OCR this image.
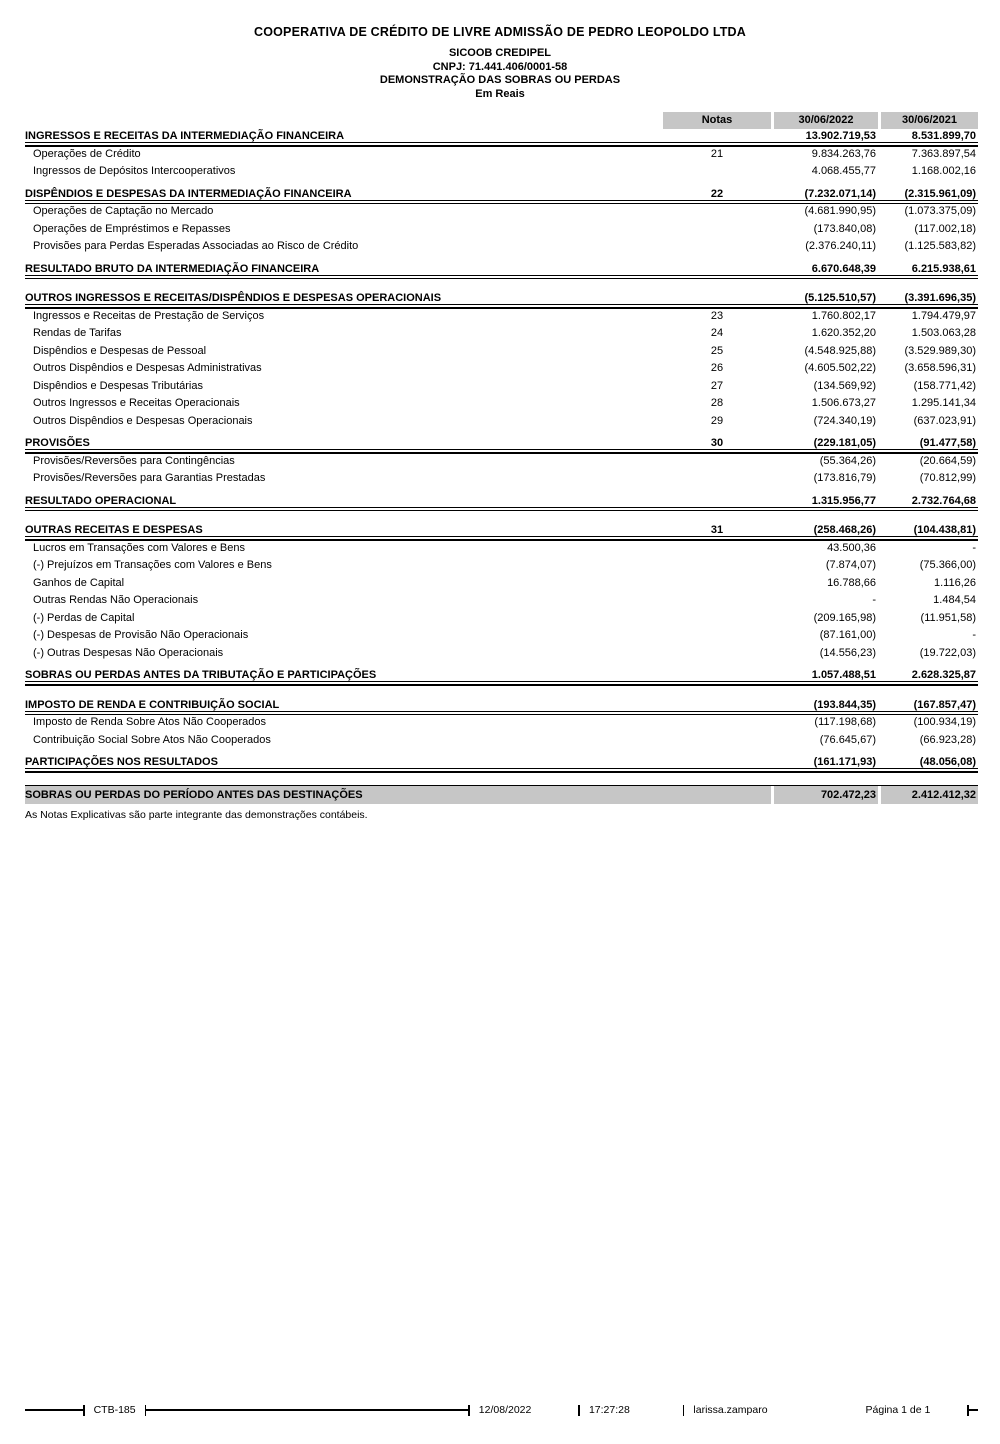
COOPERATIVA DE CRÉDITO DE LIVRE ADMISSÃO DE PEDRO LEOPOLDO LTDA
SICOOB CREDIPEL
CNPJ: 71.441.406/0001-58
DEMONSTRAÇÃO DAS SOBRAS OU PERDAS
Em Reais
Notas	30/06/2022	30/06/2021
INGRESSOS E RECEITAS DA INTERMEDIAÇÃO FINANCEIRA	13.902.719,53	8.531.899,70
Operações de Crédito	21	9.834.263,76	7.363.897,54
Ingressos de Depósitos Intercooperativos	4.068.455,77	1.168.002,16
DISPÊNDIOS E DESPESAS DA INTERMEDIAÇÃO FINANCEIRA	22	(7.232.071,14)	(2.315.961,09)
Operações de Captação no Mercado	(4.681.990,95)	(1.073.375,09)
Operações de Empréstimos e Repasses	(173.840,08)	(117.002,18)
Provisões para Perdas Esperadas Associadas ao Risco de Crédito	(2.376.240,11)	(1.125.583,82)
RESULTADO BRUTO DA INTERMEDIAÇÃO FINANCEIRA	6.670.648,39	6.215.938,61
OUTROS INGRESSOS E RECEITAS/DISPÊNDIOS E DESPESAS OPERACIONAIS	(5.125.510,57)	(3.391.696,35)
Ingressos e Receitas de Prestação de Serviços	23	1.760.802,17	1.794.479,97
Rendas de Tarifas	24	1.620.352,20	1.503.063,28
Dispêndios e Despesas de Pessoal	25	(4.548.925,88)	(3.529.989,30)
Outros Dispêndios e Despesas Administrativas	26	(4.605.502,22)	(3.658.596,31)
Dispêndios e Despesas Tributárias	27	(134.569,92)	(158.771,42)
Outros Ingressos e Receitas Operacionais	28	1.506.673,27	1.295.141,34
Outros Dispêndios e Despesas Operacionais	29	(724.340,19)	(637.023,91)
PROVISÕES	30	(229.181,05)	(91.477,58)
Provisões/Reversões para Contingências	(55.364,26)	(20.664,59)
Provisões/Reversões para Garantias Prestadas	(173.816,79)	(70.812,99)
RESULTADO OPERACIONAL	1.315.956,77	2.732.764,68
OUTRAS RECEITAS E DESPESAS	31	(258.468,26)	(104.438,81)
Lucros em Transações com Valores e Bens	43.500,36	-
(-) Prejuízos em Transações com Valores e Bens	(7.874,07)	(75.366,00)
Ganhos de Capital	16.788,66	1.116,26
Outras Rendas Não Operacionais	-	1.484,54
(-) Perdas de Capital	(209.165,98)	(11.951,58)
(-) Despesas de Provisão Não Operacionais	(87.161,00)	-
(-) Outras Despesas Não Operacionais	(14.556,23)	(19.722,03)
SOBRAS OU PERDAS ANTES DA TRIBUTAÇÃO E PARTICIPAÇÕES	1.057.488,51	2.628.325,87
IMPOSTO DE RENDA E CONTRIBUIÇÃO SOCIAL	(193.844,35)	(167.857,47)
Imposto de Renda Sobre Atos Não Cooperados	(117.198,68)	(100.934,19)
Contribuição Social Sobre Atos Não Cooperados	(76.645,67)	(66.923,28)
PARTICIPAÇÕES NOS RESULTADOS	(161.171,93)	(48.056,08)
SOBRAS OU PERDAS DO PERÍODO ANTES DAS DESTINAÇÕES	702.472,23	2.412.412,32
As Notas Explicativas são parte integrante das demonstrações contábeis.
CTB-185	12/08/2022	17:27:28	larissa.zamparo	Página 1 de 1
